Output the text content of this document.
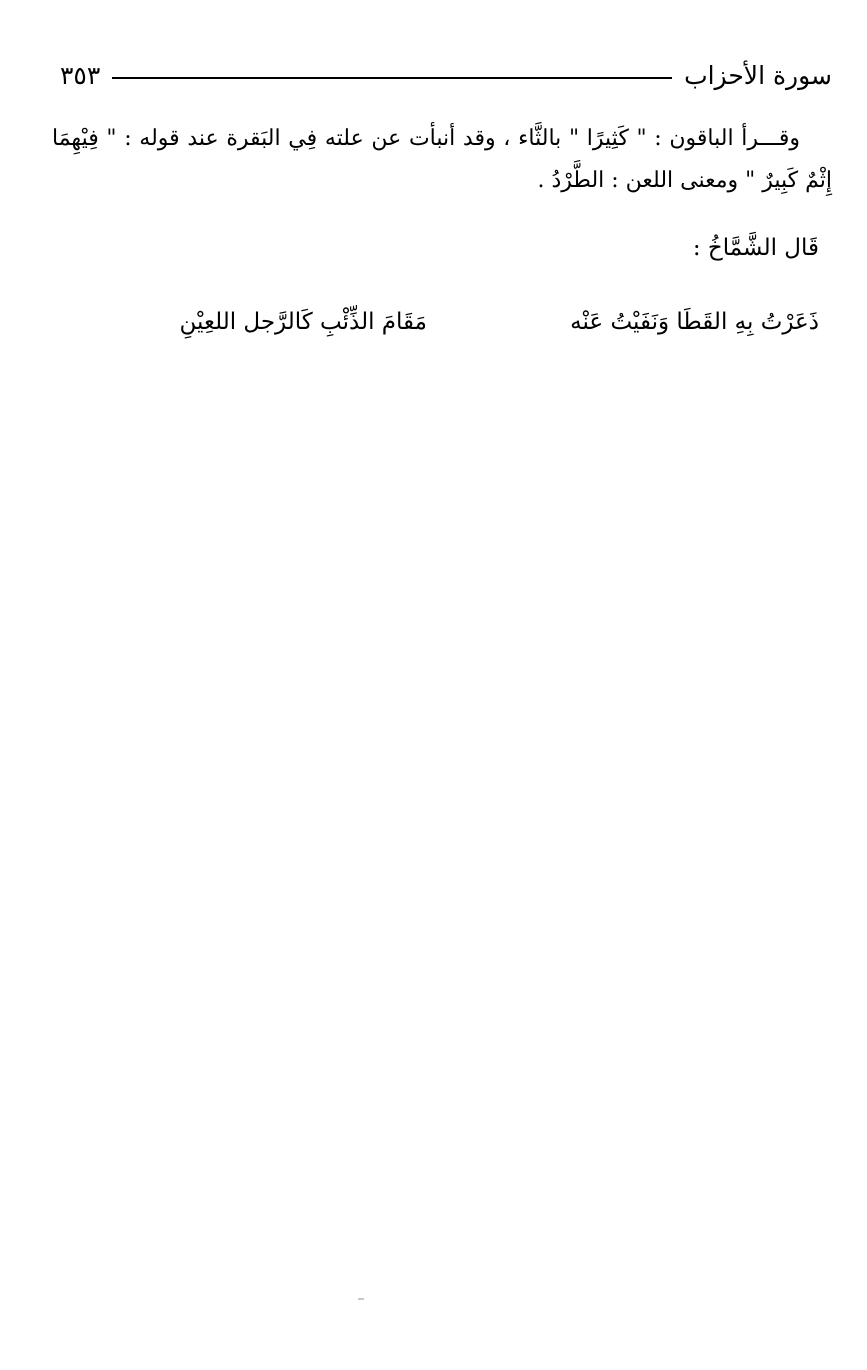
سورة الأحزاب
٣٥٣

وقـــرأ الباقون : " كَثِيرًا " بالثَّاء ، وقد أنبأت عن علته فِي البَقرة عند قوله : " فِيْهِمَا إِثْمٌ كَبِيرٌ " ومعنى اللعن : الطَّرْدُ .

قَال الشَّمَّاخُ :

ذَعَرْتُ بِهِ القَطَا وَنَفَيْتُ عَنْه

مَقَامَ الذِّئْبِ كَالرَّجل اللعِيْنِ
